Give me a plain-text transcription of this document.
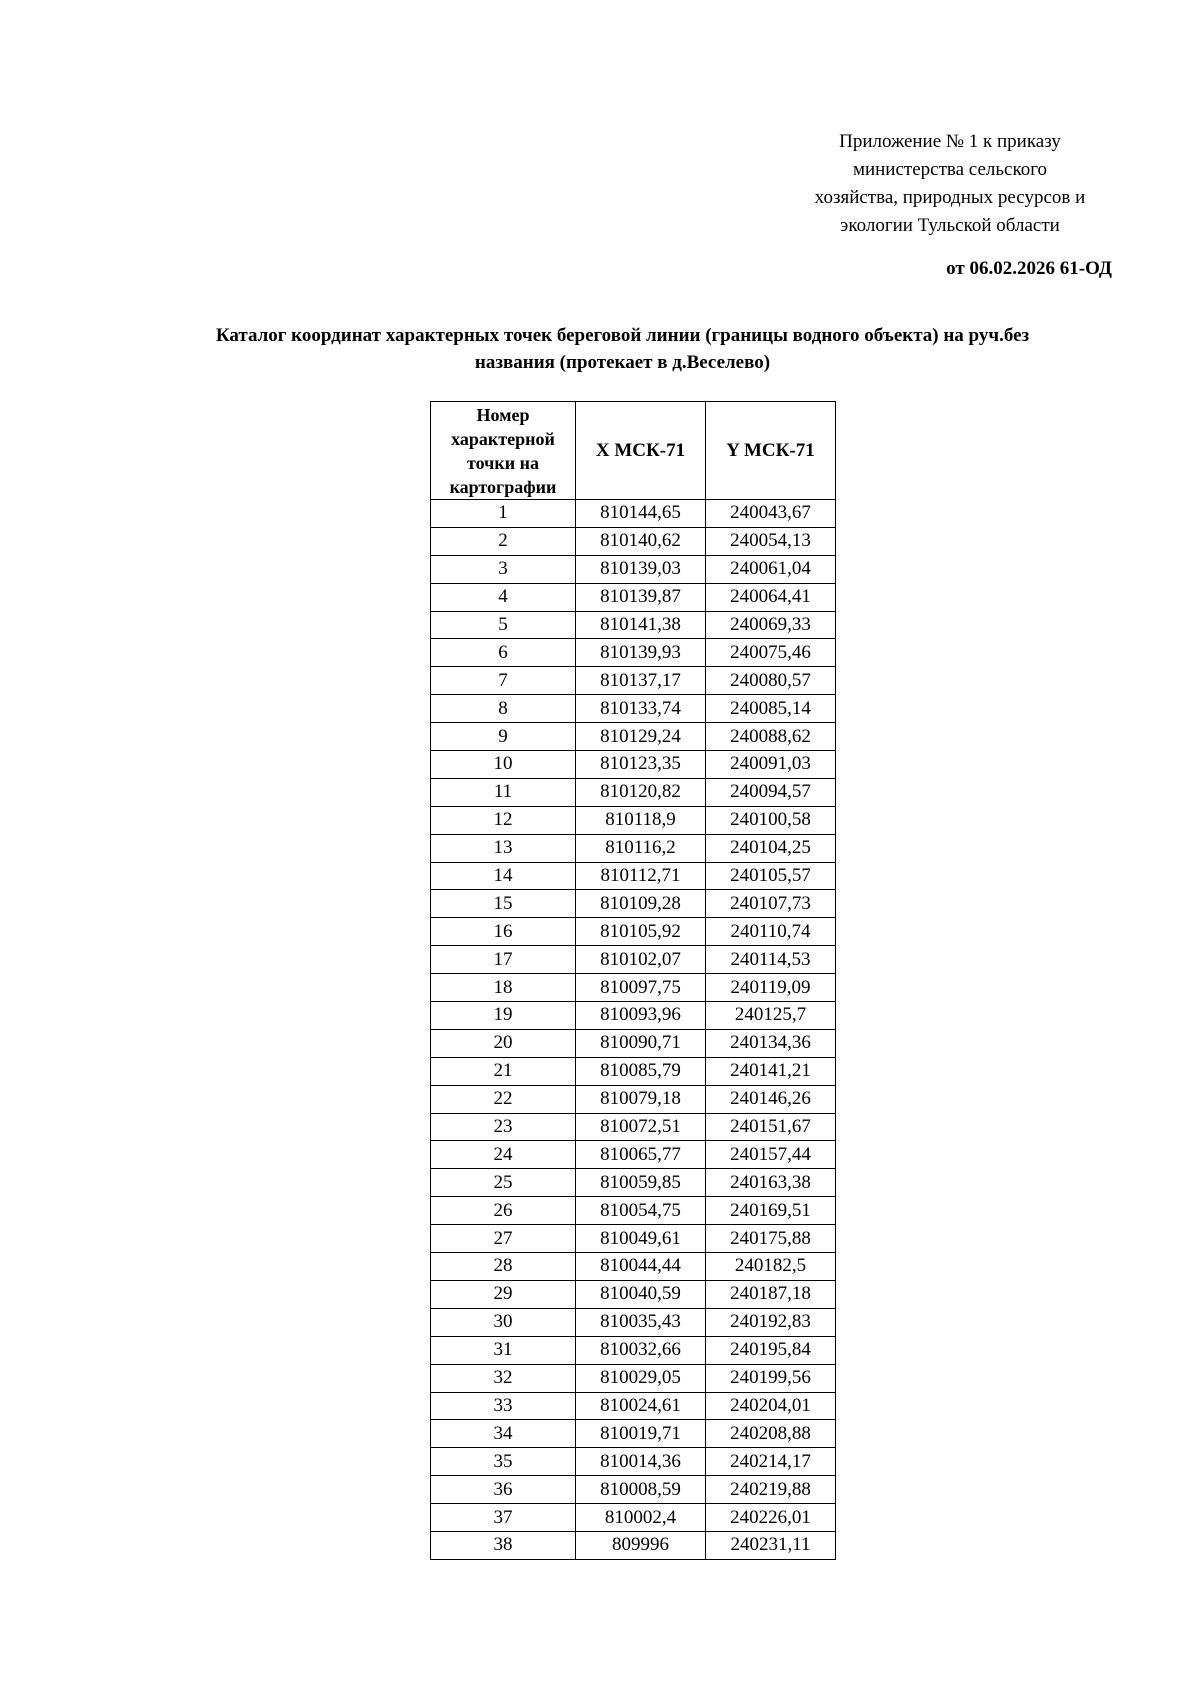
Приложение № 1 к приказу
министерства сельского
хозяйства, природных ресурсов и
экологии Тульской области
от 06.02.2026 61-ОД
Каталог координат характерных точек береговой линии (границы водного объекта) на руч.без
названия (протекает в д.Веселево)
Номер
характерной
точки на
картографии	X МСК-71	Y МСК-71
1	810144,65	240043,67
2	810140,62	240054,13
3	810139,03	240061,04
4	810139,87	240064,41
5	810141,38	240069,33
6	810139,93	240075,46
7	810137,17	240080,57
8	810133,74	240085,14
9	810129,24	240088,62
10	810123,35	240091,03
11	810120,82	240094,57
12	810118,9	240100,58
13	810116,2	240104,25
14	810112,71	240105,57
15	810109,28	240107,73
16	810105,92	240110,74
17	810102,07	240114,53
18	810097,75	240119,09
19	810093,96	240125,7
20	810090,71	240134,36
21	810085,79	240141,21
22	810079,18	240146,26
23	810072,51	240151,67
24	810065,77	240157,44
25	810059,85	240163,38
26	810054,75	240169,51
27	810049,61	240175,88
28	810044,44	240182,5
29	810040,59	240187,18
30	810035,43	240192,83
31	810032,66	240195,84
32	810029,05	240199,56
33	810024,61	240204,01
34	810019,71	240208,88
35	810014,36	240214,17
36	810008,59	240219,88
37	810002,4	240226,01
38	809996	240231,11
